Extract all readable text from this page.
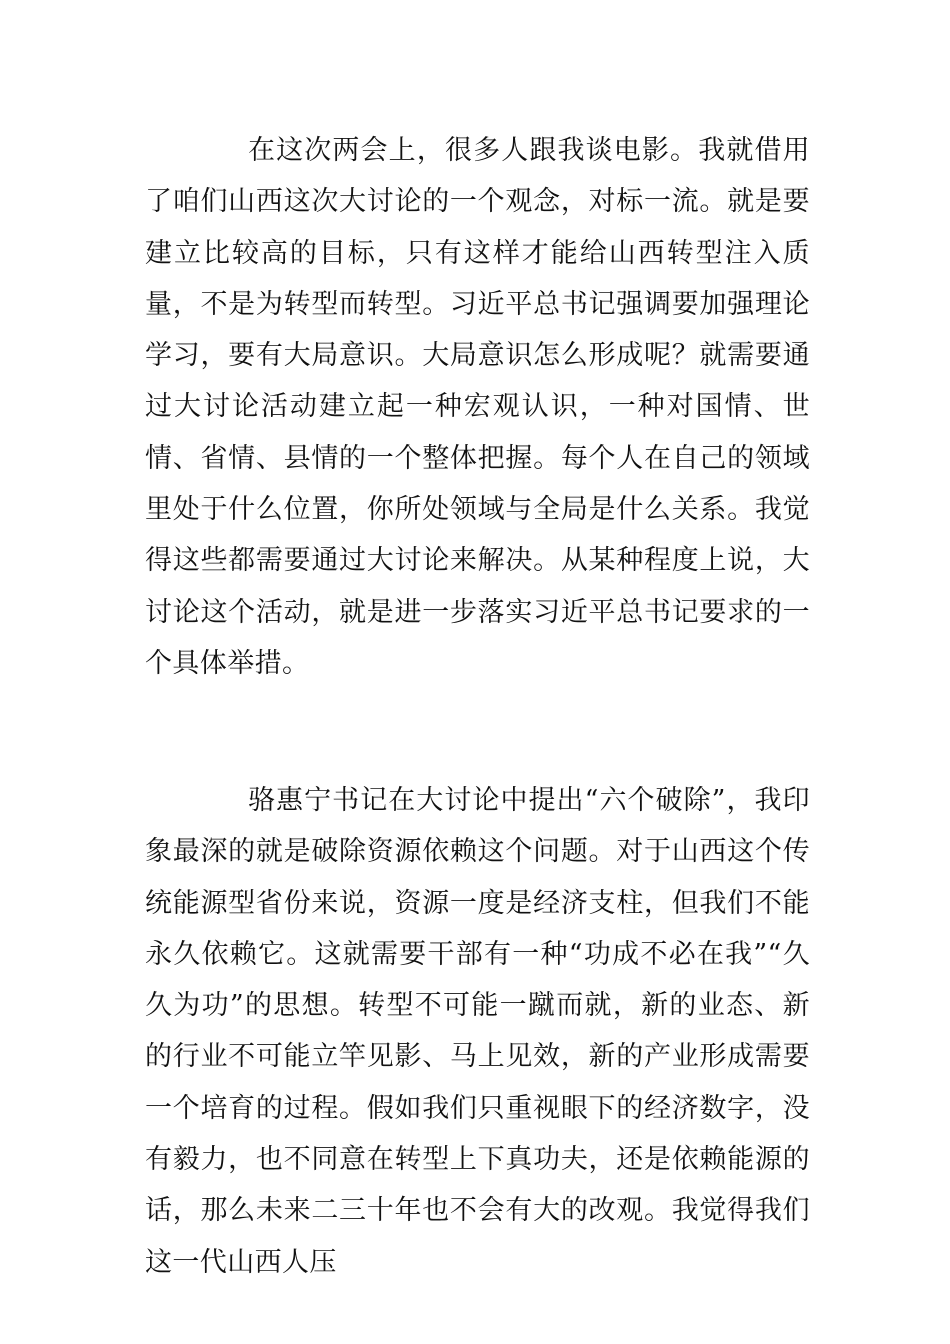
在这次两会上，很多人跟我谈电影。我就借用了咱们山西这次大讨论的一个观念，对标一流。就是要建立比较高的目标，只有这样才能给山西转型注入质量，不是为转型而转型。习近平总书记强调要加强理论学习，要有大局意识。大局意识怎么形成呢？就需要通过大讨论活动建立起一种宏观认识，一种对国情、世情、省情、县情的一个整体把握。每个人在自己的领域里处于什么位置，你所处领域与全局是什么关系。我觉得这些都需要通过大讨论来解决。从某种程度上说，大讨论这个活动，就是进一步落实习近平总书记要求的一个具体举措。

骆惠宁书记在大讨论中提出“六个破除”，我印象最深的就是破除资源依赖这个问题。对于山西这个传统能源型省份来说，资源一度是经济支柱，但我们不能永久依赖它。这就需要干部有一种“功成不必在我”“久久为功”的思想。转型不可能一蹴而就，新的业态、新的行业不可能立竿见影、马上见效，新的产业形成需要一个培育的过程。假如我们只重视眼下的经济数字，没有毅力，也不同意在转型上下真功夫，还是依赖能源的话，那么未来二三十年也不会有大的改观。我觉得我们这一代山西人压
